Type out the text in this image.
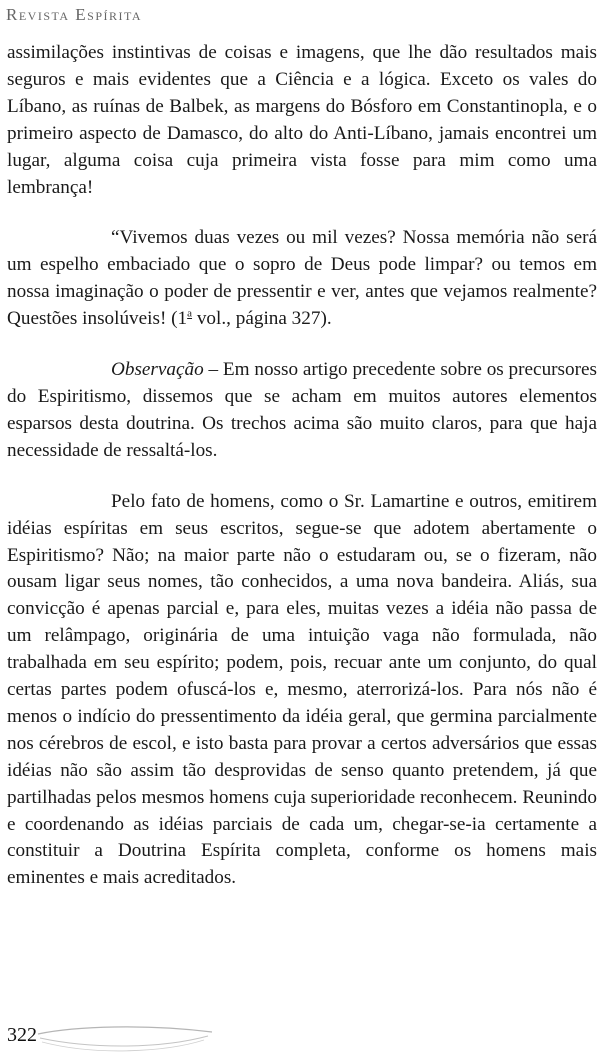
Revista Espírita

assimilações instintivas de coisas e imagens, que lhe dão resultados mais seguros e mais evidentes que a Ciência e a lógica. Exceto os vales do Líbano, as ruínas de Balbek, as margens do Bósforo em Constantinopla, e o primeiro aspecto de Damasco, do alto do Anti-Líbano, jamais encontrei um lugar, alguma coisa cuja primeira vista fosse para mim como uma lembrança!

“Vivemos duas vezes ou mil vezes? Nossa memória não será um espelho embaciado que o sopro de Deus pode limpar? ou temos em nossa imaginação o poder de pressentir e ver, antes que vejamos realmente? Questões insolúveis! (1$^a$ vol., página 327).

Observação – Em nosso artigo precedente sobre os precursores do Espiritismo, dissemos que se acham em muitos autores elementos esparsos desta doutrina. Os trechos acima são muito claros, para que haja necessidade de ressaltá-los.

Pelo fato de homens, como o Sr. Lamartine e outros, emitirem idéias espíritas em seus escritos, segue-se que adotem abertamente o Espiritismo? Não; na maior parte não o estudaram ou, se o fizeram, não ousam ligar seus nomes, tão conhecidos, a uma nova bandeira. Aliás, sua convicção é apenas parcial e, para eles, muitas vezes a idéia não passa de um relâmpago, originária de uma intuição vaga não formulada, não trabalhada em seu espírito; podem, pois, recuar ante um conjunto, do qual certas partes podem ofuscá-los e, mesmo, aterrorizá-los. Para nós não é menos o indício do pressentimento da idéia geral, que germina parcialmente nos cérebros de escol, e isto basta para provar a certos adversários que essas idéias não são assim tão desprovidas de senso quanto pretendem, já que partilhadas pelos mesmos homens cuja superioridade reconhecem. Reunindo e coordenando as idéias parciais de cada um, chegar-se-ia certamente a constituir a Doutrina Espírita completa, conforme os homens mais eminentes e mais acreditados.

322
